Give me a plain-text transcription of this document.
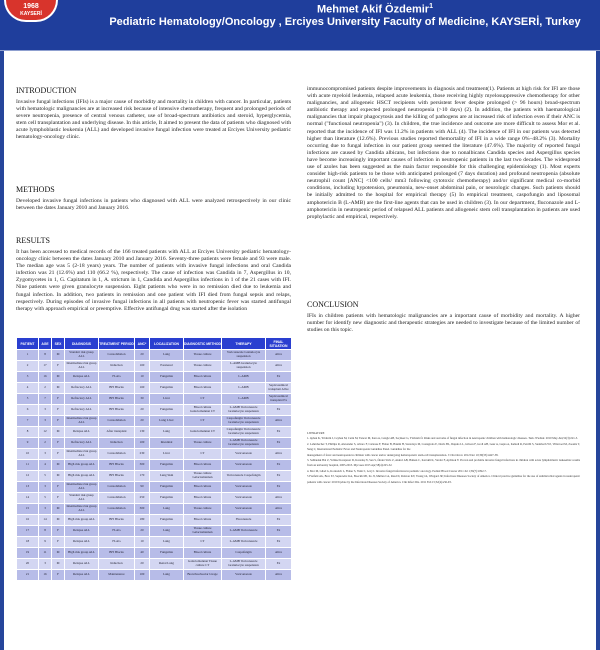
1968
KAYSERİ	Mehmet Akif Özdemir$^1$
Pediatric Hematology/Oncology , Erciyes University Faculty of Medicine, KAYSERİ, Turkey
INTRODUCTION

Invasive fungal infections (IFIs) is a major cause of morbidity and mortality in children with cancer. In particular, patients with hematologic malignancies are at increased risk because of intensive chemotherapy, frequent and prolonged periods of severe neutropenia, presence of central venous catheter, use of broad-spectrum antibiotics and steroid, hyperglycemia, stem cell transplantation and underlying disease. In this article, It aimed to present the data of patients who diagnosed with acute lymphoblastic leukemia (ALL) and developed invasive fungal infection were treated at Erciyes University pediatric hematology-oncology clinic.

METHODS

Developed invasive fungal infections in patients who diagnosed with ALL were analyzed retrospectively in our clinic between the dates January 2010 and January 2016.

RESULTS

It has been accessed to medical records of the 166 treated patients with ALL at Erciyes University pediatric hematology-oncology clinic between the dates January 2010 and January 2016. Seventy-three patients were female and 93 were male. The median age was 5 (2-18 years) years. The number of patients with invasive fungal infections and oral Candida infection was 21 (12.6%) and 110 (66.2 %), respectively. The cause of infection was Candida in 7, Aspergillus in 10, Zygomycetes in 1, G. Capitatum in 1, A. strictum in 1, Candida and Aspergillus infections in 1 of the 21 cases with IFI. Nine patients were given granulocyte suspension. Eight patients who were in no remission died due to leukemia and fungal infection. In addition, two patients in remission and one patient with IFI died from fungal sepsis and relaps, respectively. During episodes of invasive fungal infections in all patients with neutropenic fever was started antifungal therapy with approach empirical or preemptive. Effective antifungal drug was started after the isolation

PATIENT	AGE	SEX	DIAGNOSIS	TREATMENT PERIOD	ANC*	LOCALIZATION	DIAGNOSTIC METHOD	THERAPY	FINAL SITUATION
1	8	M	Standart risk group ALL	Consolidation	20	Lung	Tissue culture	Voriconazole Granulocyte suspension	Alive
2	17	F	Intermediate risk group ALL	Induction	160	Paranasal	Tissue culture	L-AMB Granulocyte suspension	Alive
3	16	M	Relapse ALL	FLAG	10	Fungemia	Blood culture	L-AMB	Ex
4	2	M	Refractory ALL	BFI Blocks	160	Fungemia	Blood culture	L-AMB	Septicotemical transplant Alive
5	7	F	Refractory ALL	BFI Blocks	30	Liver	CT	L-AMB	Septicotemical transplant Ex
6	3	F	Refractory ALL	BFI Blocks	20	Fungemia	Blood culture Galactomannan CT	L-AMB Voriconazole Granulocyte suspension	Ex
7	3	F	Intermediate risk group ALL	Consolidation	20	Lung Liver	CT	Caspofungin Voriconazole Granulocyte suspension	Alive
8	12	M	Relapse ALL	After transplant	130	Lung	Galactomannan CT	Caspofungin Voriconazole Granulocyte suspension	Ex
9	2	F	Refractory ALL	Induction	100	Intestinal	Tissue culture	L-AMB Voriconazole Granulocyte suspension	Ex
10	3	F	Intermediate risk group ALL	Consolidation	230	Liver	CT	Voriconazole	Alive
11	4	M	High risk group ALL	BFI Blocks	300	Fungemia	Blood culture	Voriconazole	Ex
12	5	M	High risk group ALL	BFI Blocks	170	Lung Skin	Tissue culture Galactomannan	Voriconazole Caspofungin	Ex
13	3	F	Intermediate risk group ALL	Consolidation	90	Fungemia	Blood culture	Voriconazole	Ex
14	5	F	Standart risk group ALL	Consolidation	250	Fungemia	Blood culture	Voriconazole	Alive
15	3	M	Intermediate risk group ALL	Consolidation	300	Lung	Tissue culture	Voriconazole	Alive
16	14	M	High risk group ALL	BFI Blocks	180	Fungemia	Blood culture	Fluconazole	Ex
17	8	F	Relapse ALL	FLAG	20	Lung	Tissue culture Galactomannan	L-AMB Voriconazole	Ex
18	9	F	Relapse ALL	FLAG	10	Lung	CT	L-AMB Voriconazole	Ex
19	11	M	High risk group ALL	BFI Blocks	40	Fungemia	Blood culture	Caspofungin	Alive
20	3	M	Relapse ALL	Induction	20	Renal Lung	Galactomannan Tissue culture CT	L-AMB Voriconazole Granulocyte suspension	Ex
21	16	F	Relapse ALL	Maintenance	100	Lung	Bronchoalveolar lavage	Voriconazole	Alive

immunocompromised patients despite improvements in diagnosis and treatment(1). Patients at high risk for IFI are those with acute myeloid leukemia, relapsed acute leukemia, those receiving highly myelosuppressive chemotherapy for other malignancies, and allogeneic HSCT recipients with persistent fever despite prolonged (> 96 hours) broad-spectrum antibiotic therapy and expected prolonged neutropenia (>10 days) (2). In addition, the patients with haematological malignancies that impair phagocytosis and the killing of pathogens are at increased risk of infection even if their ANC is normal ("functional neutropenia") (3). In children, the true incidence and outcome are more difficult to assess Mor et al. reported that the incidence of IFI was 11.2% in patients with ALL (4). The incidence of IFI in our patients was detected higher than literature (12.6%). Previous studies reported themortality of IFI in a wide range 0%–48.2% (3). Mortality occurring due to fungal infection in our patient group seemed the literature (47.6%). The majority of reported fungal infections are caused by Candida albicans, but infections due to nonalbicans Candida species and Aspergillus species have become increasingly important causes of infection in neutropenic patients in the last two decades. The widespread use of azoles has been suggested as the main factor responsible for this challenging epidemiology (1). Most experts consider high-risk patients to be those with anticipated prolonged (7 days duration) and profound neutropenia (absolute neutrophil count [ANC] <100 cells/ mm3 following cytotoxic chemotherapy) and/or significant medical co-morbid conditions, including hypotension, pneumonia, new-onset abdominal pain, or neurologic changes. Such patients should be initially admitted to the hospital for empirical therapy (5) In empirical treatment, caspofungin and liposomal amphotericin B (L-AMB) are the first-line agents that can be used in children (3). In our department, fluconazole and L-amphotericin in neutropenic period of relapsed ALL patients and allogeneic stem cell transplantation in patients are used prophylactic and empirical, respectively.

CONCLUSION

IFIs in children patients with hematologic malignancies are a important cause of morbidity and mortality. A higher number for identify new diagnostic and therapeutic strategies are needed to investigate because of the limited number of studies on this topic.

LITERATURE
1. Ayhan K, Yıldırım I, Ceyhan M, Cetin M, Tuncer M, Kara A, Cengiz AB, Seçmeer G, Yıldırım Ö. Risks and outcome of fungal infection in neutropenic children with hematologic diseases. Turk J Pediatr. 2010 May-Jun;52(3):221-3.
2. Lehrnbecher T, Phillips R, Alexander S, Alvaro F, Carlesse F, Fisher B, Hakim H, Santolaya M, Castagnola E, Davis BL, Dupuis LL, Gibson F, Groll AH, Gaur A, Gupta A, Kebudi R, Petrilli S, Steinbach WJ, Villarroel M, Zaoutis T, Sung L; International Pediatric Fever and Neutropenia Guideline Panel. Guideline for the
management of fever and neutropenia in children with cancer and/or undergoing hematopoietic stem-cell transplantation. J Clin Oncol. 2012 Dec 10;30(35):4427-38.
3. Sahbudak Bal Z, Yılmaz Karapınar D, Karadaş N, Sen S, Önder Sivis Z, Akinci AB, Balkan C, Kavakli K, Vardar F, Aydinok Y. Proven and probable invasive fungal infections in children with acute lymphoblastic leukaemia: results from an university hospital, 2005-2013. Mycoses 2015 Apr;58(4):225-32.
4. Mor M, Gilad G, Kornreich L, Fisher S, Yaniv I, Levy I. Invasive fungal infections in pediatric oncology. Pediatr Blood Cancer 2011 Jul 1;56(7):1092-7.
5 Freifeld AG, Bow EJ, Sepkowitz KA, Boeckh MJ, Ito JI, Mullen CA, Raad II, Rolston KV, Young JA, Wingard JR; Infectious Diseases Society of America. Clinical practice guideline for the use of antimicrobial agents in neutropenic patients with cancer: 2010 Update by the Infectious Diseases Society of America. Clin Infect Dis. 2011 Feb 15;52(4):e56-93.
